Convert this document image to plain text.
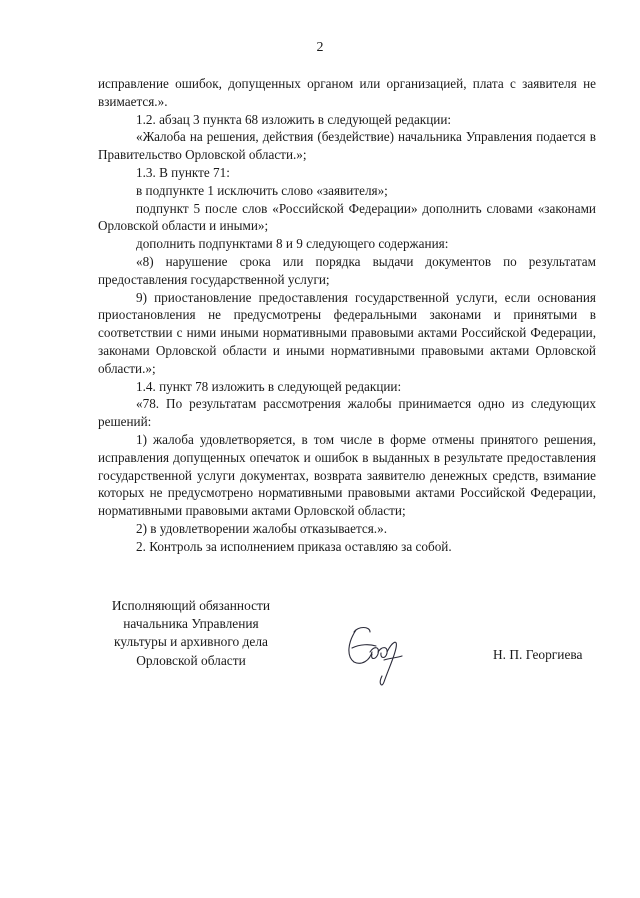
2

исправление ошибок, допущенных органом или организацией, плата с заявителя не взимается.».

1.2. абзац 3 пункта 68 изложить в следующей редакции:

«Жалоба на решения, действия (бездействие) начальника Управления подается в Правительство Орловской области.»;

1.3. В пункте 71:

в подпункте 1 исключить слово «заявителя»;

подпункт 5 после слов «Российской Федерации» дополнить словами «законами Орловской области и иными»;

дополнить подпунктами 8 и 9 следующего содержания:

«8) нарушение срока или порядка выдачи документов по результатам предоставления государственной услуги;

9) приостановление предоставления государственной услуги, если основания приостановления не предусмотрены федеральными законами и принятыми в соответствии с ними иными нормативными правовыми актами Российской Федерации, законами Орловской области и иными нормативными правовыми актами Орловской области.»;

1.4. пункт 78 изложить в следующей редакции:

«78. По результатам рассмотрения жалобы принимается одно из следующих решений:

1) жалоба удовлетворяется, в том числе в форме отмены принятого решения, исправления допущенных опечаток и ошибок в выданных в результате предоставления государственной услуги документах, возврата заявителю денежных средств, взимание которых не предусмотрено нормативными правовыми актами Российской Федерации, нормативными правовыми актами Орловской области;

2) в удовлетворении жалобы отказывается.».

2. Контроль за исполнением приказа оставляю за собой.

Исполняющий обязанности
начальника Управления
культуры и архивного дела
Орловской области	Н. П. Георгиева
